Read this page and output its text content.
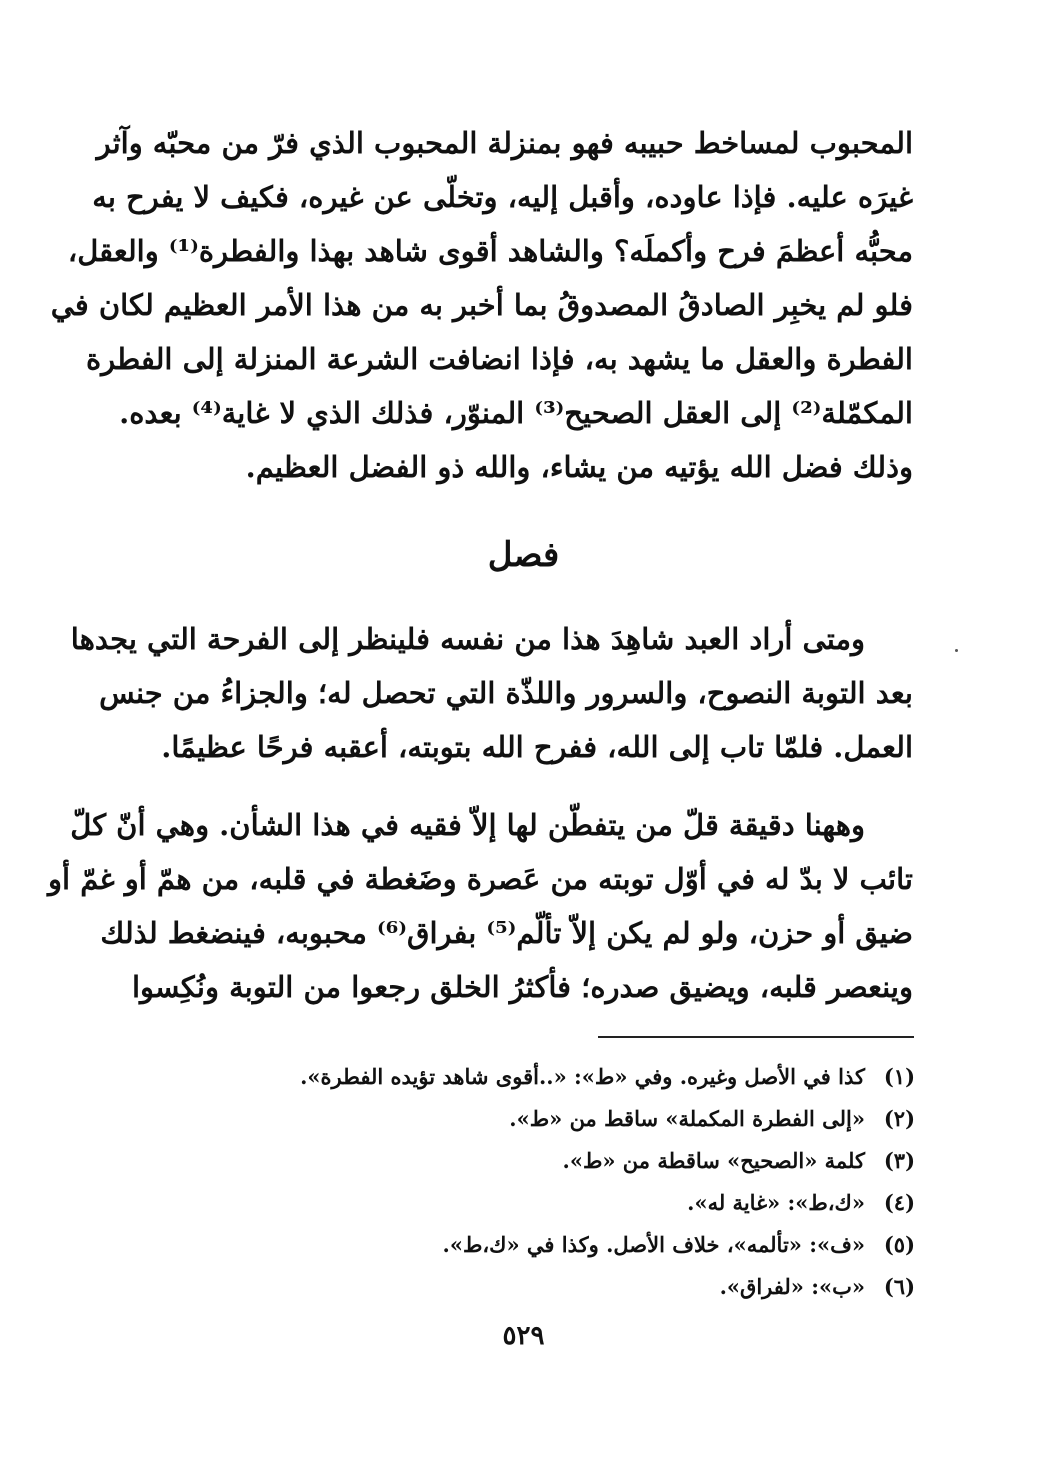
المحبوب لمساخط حبيبه فهو بمنزلة المحبوب الذي فرّ من محبّه وآثر
غيرَه عليه. فإذا عاوده، وأقبل إليه، وتخلّى عن غيره، فكيف لا يفرح به
محبُّه أعظمَ فرح وأكملَه؟ والشاهد أقوى شاهد بهذا والفطرة⁽¹⁾ والعقل،
فلو لم يخبِر الصادقُ المصدوقُ بما أخبر به من هذا الأمر العظيم لكان في
الفطرة والعقل ما يشهد به، فإذا انضافت الشرعة المنزلة إلى الفطرة
المكمّلة⁽²⁾ إلى العقل الصحيح⁽³⁾ المنوّر، فذلك الذي لا غاية⁽⁴⁾ بعده.
وذلك فضل الله يؤتيه من يشاء، والله ذو الفضل العظيم.
فصل
ومتى أراد العبد شاهِدَ هذا من نفسه فلينظر إلى الفرحة التي يجدها
بعد التوبة النصوح، والسرور واللذّة التي تحصل له؛ والجزاءُ من جنس
العمل. فلمّا تاب إلى الله، ففرح الله بتوبته، أعقبه فرحًا عظيمًا.
وههنا دقيقة قلّ من يتفطّن لها إلاّ فقيه في هذا الشأن. وهي أنّ كلّ
تائب لا بدّ له في أوّل توبته من عَصرة وضَغطة في قلبه، من همّ أو غمّ أو
ضيق أو حزن، ولو لم يكن إلاّ تألّم⁽⁵⁾ بفراق⁽⁶⁾ محبوبه، فينضغط لذلك
وينعصر قلبه، ويضيق صدره؛ فأكثرُ الخلق رجعوا من التوبة ونُكِسوا
(١)كذا في الأصل وغيره. وفي «ط»: «..أقوى شاهد تؤيده الفطرة».
(٢)«إلى الفطرة المكملة» ساقط من «ط».
(٣)كلمة «الصحيح» ساقطة من «ط».
(٤)«ك،ط»: «غاية له».
(٥)«ف»: «تألمه»، خلاف الأصل. وكذا في «ك،ط».
(٦)«ب»: «لفراق».
٥٢٩
